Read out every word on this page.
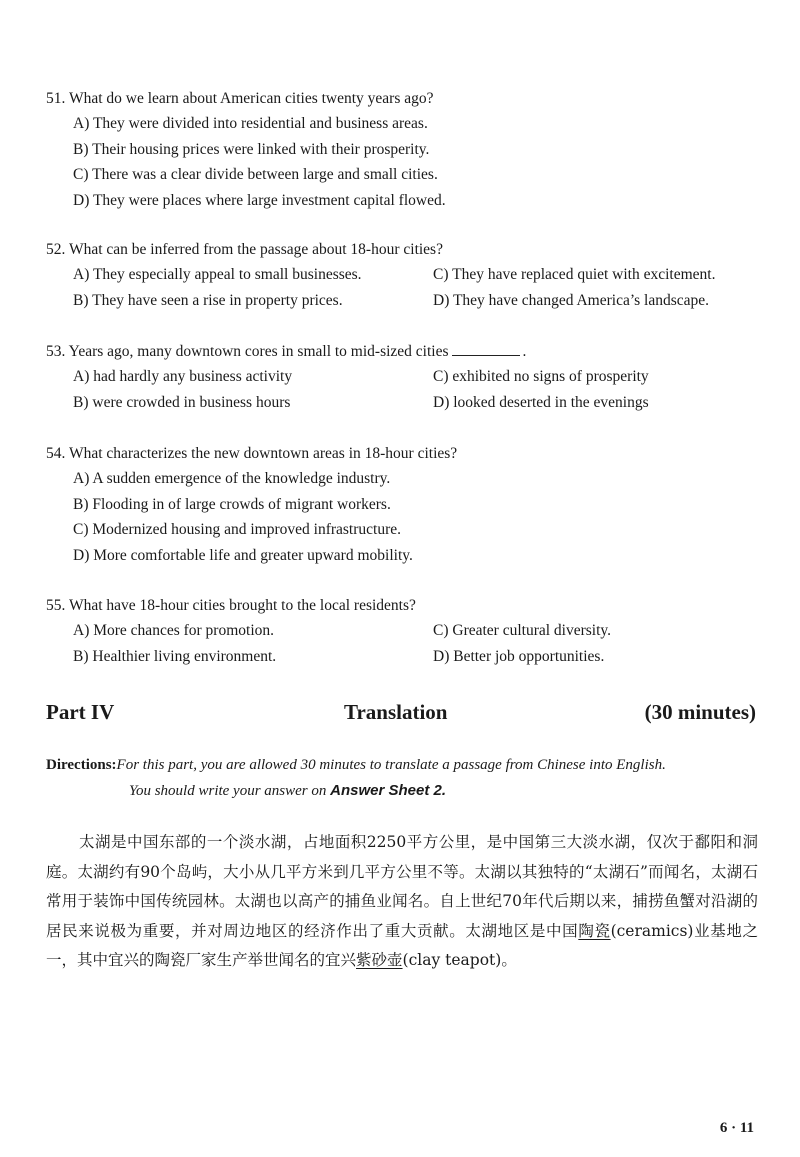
51. What do we learn about American cities twenty years ago?
A) They were divided into residential and business areas.
B) Their housing prices were linked with their prosperity.
C) There was a clear divide between large and small cities.
D) They were places where large investment capital flowed.
52. What can be inferred from the passage about 18-hour cities?
A) They especially appeal to small businesses.	C) They have replaced quiet with excitement.
B) They have seen a rise in property prices.	D) They have changed America’s landscape.
53. Years ago, many downtown cores in small to mid-sized cities	.
A) had hardly any business activity	C) exhibited no signs of prosperity
B) were crowded in business hours	D) looked deserted in the evenings
54. What characterizes the new downtown areas in 18-hour cities?
A) A sudden emergence of the knowledge industry.
B) Flooding in of large crowds of migrant workers.
C) Modernized housing and improved infrastructure.
D) More comfortable life and greater upward mobility.
55. What have 18-hour cities brought to the local residents?
A) More chances for promotion.	C) Greater cultural diversity.
B) Healthier living environment.	D) Better job opportunities.
Part IV	Translation	(30 minutes)
Directions:For this part, you are allowed 30 minutes to translate a passage from Chinese into English.
You should write your answer on Answer Sheet 2.
太湖是中国东部的一个淡水湖，占地面积2250平方公里，是中国第三大淡水湖，仅次于鄱阳和洞庭。太湖约有90个岛屿，大小从几平方米到几平方公里不等。太湖以其独特的“太湖石”而闻名，太湖石常用于装饰中国传统园林。太湖也以高产的捕鱼业闻名。自上世纪70年代后期以来，捕捞鱼蟹对沿湖的居民来说极为重要，并对周边地区的经济作出了重大贡献。太湖地区是中国陶瓷(ceramics)业基地之一，其中宜兴的陶瓷厂家生产举世闻名的宜兴紫砂壶(clay teapot)。
6 · 11
